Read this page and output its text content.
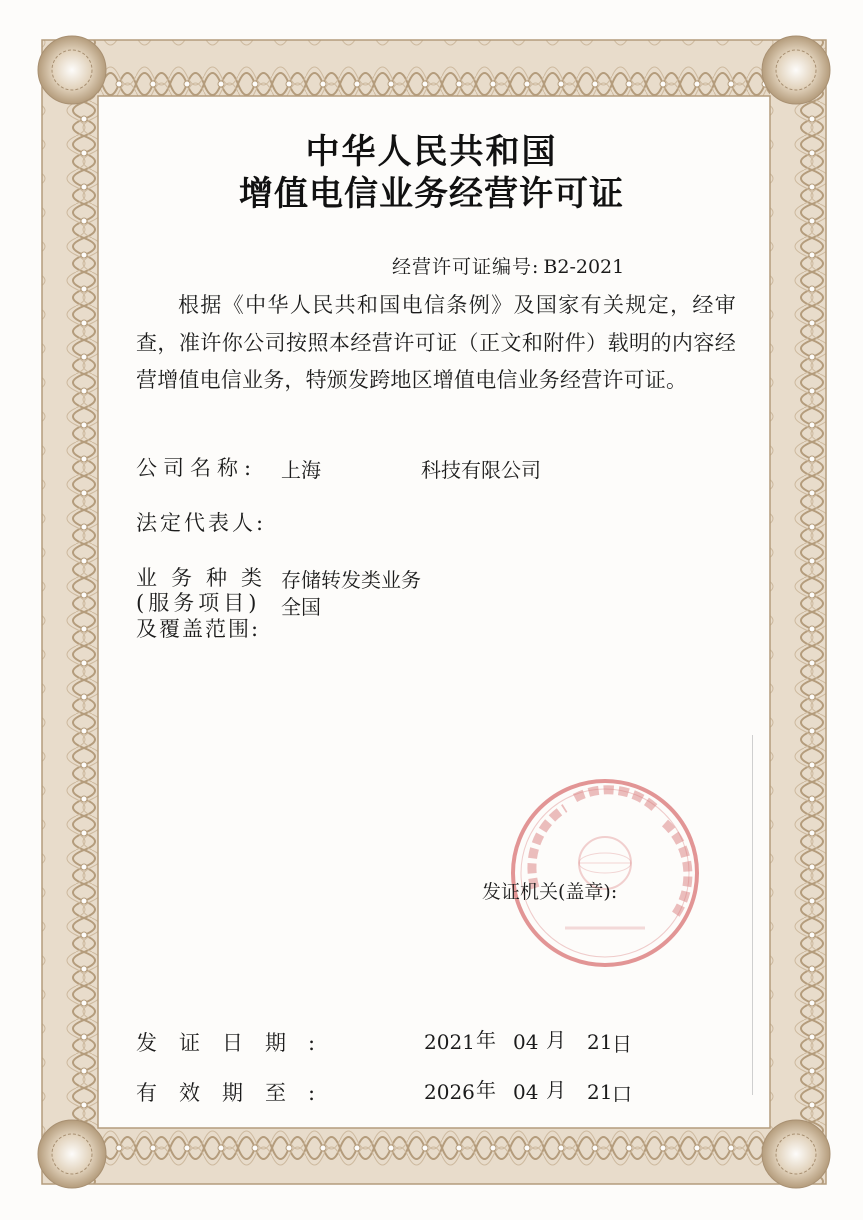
中华人民共和国
增值电信业务经营许可证
经营许可证编号: B2-2021
根据《中华人民共和国电信条例》及国家有关规定，经审查，准许你公司按照本经营许可证（正文和附件）载明的内容经营增值电信业务，特颁发跨地区增值电信业务经营许可证。
公司名称: 上海	科技有限公司
法定代表人:
业务种类
(服务项目)
及覆盖范围:
存储转发类业务
全国
发证机关(盖章):
发证日期:	2021 年 04 月 21 日
有效期至:	2026 年 04 月 21 口
